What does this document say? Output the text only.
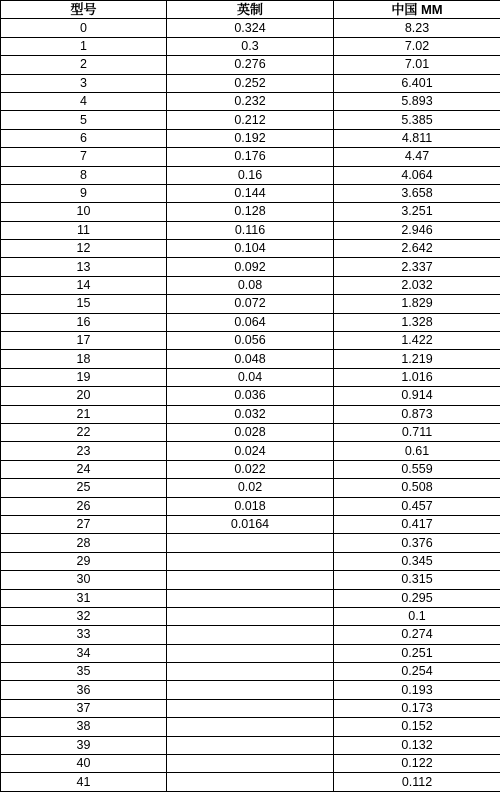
型号	英制	中国 MM
0	0.324	8.23
1	0.3	7.02
2	0.276	7.01
3	0.252	6.401
4	0.232	5.893
5	0.212	5.385
6	0.192	4.811
7	0.176	4.47
8	0.16	4.064
9	0.144	3.658
10	0.128	3.251
11	0.116	2.946
12	0.104	2.642
13	0.092	2.337
14	0.08	2.032
15	0.072	1.829
16	0.064	1.328
17	0.056	1.422
18	0.048	1.219
19	0.04	1.016
20	0.036	0.914
21	0.032	0.873
22	0.028	0.711
23	0.024	0.61
24	0.022	0.559
25	0.02	0.508
26	0.018	0.457
27	0.0164	0.417
28		0.376
29		0.345
30		0.315
31		0.295
32		0.1
33		0.274
34		0.251
35		0.254
36		0.193
37		0.173
38		0.152
39		0.132
40		0.122
41		0.112
